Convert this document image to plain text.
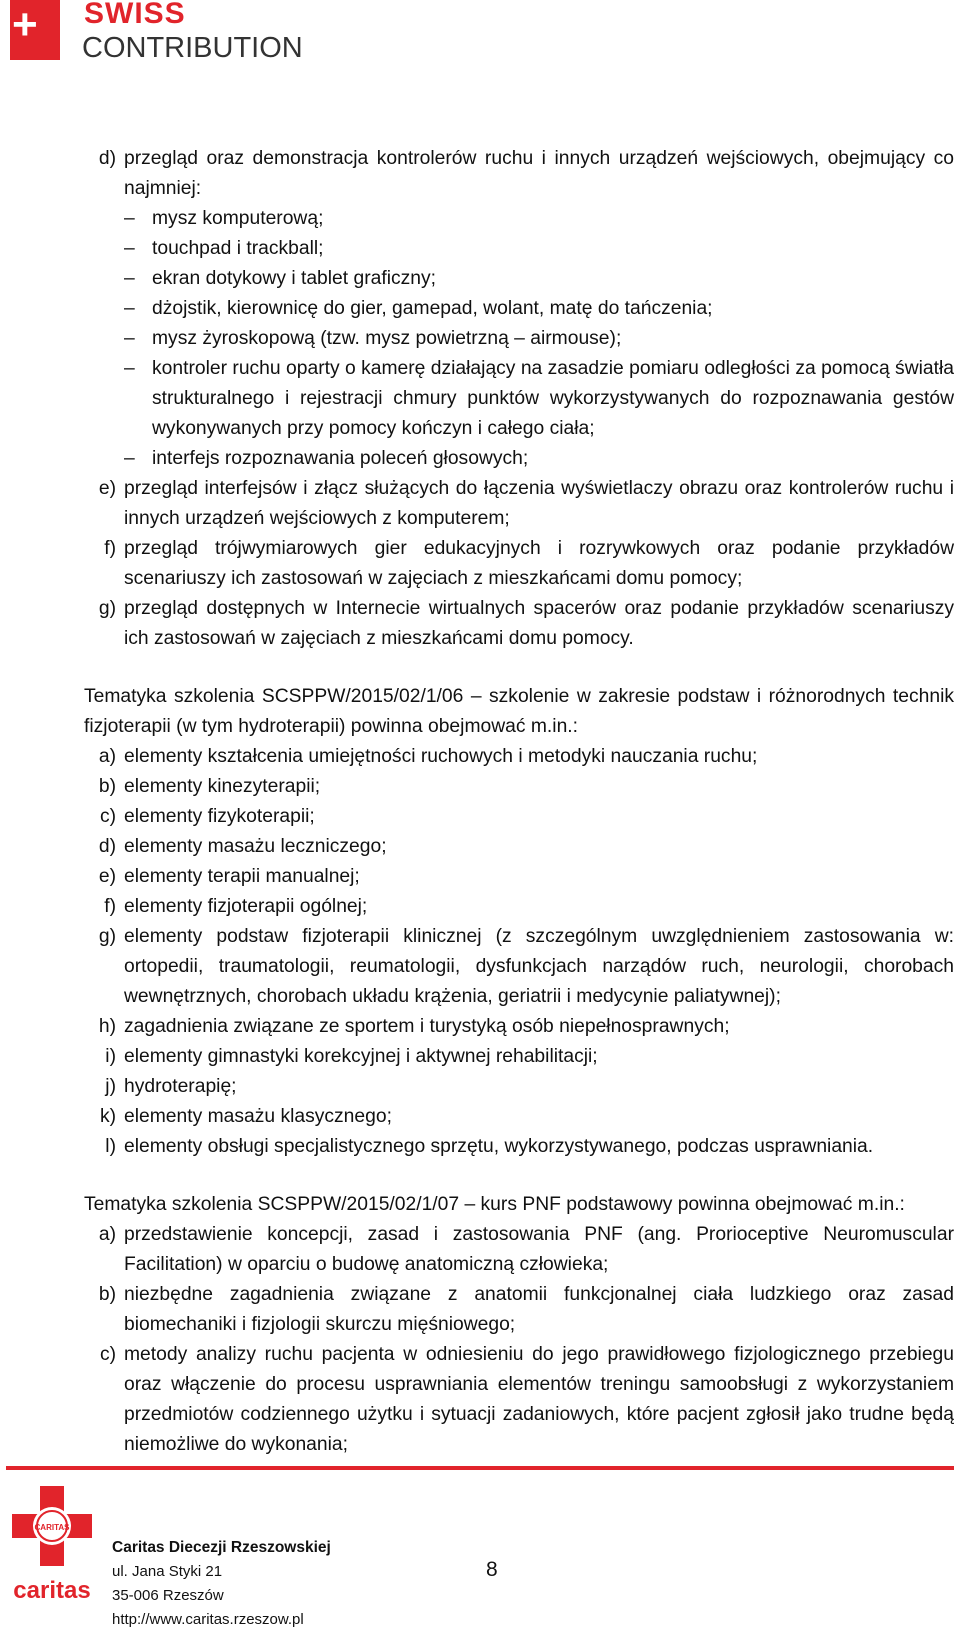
+ SWISS
CONTRIBUTION
d) przegląd oraz demonstracja kontrolerów ruchu i innych urządzeń wejściowych, obejmujący co najmniej:
– mysz komputerową;
– touchpad i trackball;
– ekran dotykowy i tablet graficzny;
– dżojstik, kierownicę do gier, gamepad, wolant, matę do tańczenia;
– mysz żyroskopową (tzw. mysz powietrzną – airmouse);
– kontroler ruchu oparty o kamerę działający na zasadzie pomiaru odległości za pomocą światła strukturalnego i rejestracji chmury punktów wykorzystywanych do rozpoznawania gestów wykonywanych przy pomocy kończyn i całego ciała;
– interfejs rozpoznawania poleceń głosowych;
e) przegląd interfejsów i złącz służących do łączenia wyświetlaczy obrazu oraz kontrolerów ruchu i innych urządzeń wejściowych z komputerem;
f) przegląd trójwymiarowych gier edukacyjnych i rozrywkowych oraz podanie przykładów scenariuszy ich zastosowań w zajęciach z mieszkańcami domu pomocy;
g) przegląd dostępnych w Internecie wirtualnych spacerów oraz podanie przykładów scenariuszy ich zastosowań w zajęciach z mieszkańcami domu pomocy.
Tematyka szkolenia SCSPPW/2015/02/1/06 – szkolenie w zakresie podstaw i różnorodnych technik fizjoterapii (w tym hydroterapii) powinna obejmować m.in.:
a) elementy kształcenia umiejętności ruchowych i metodyki nauczania ruchu;
b) elementy kinezyterapii;
c) elementy fizykoterapii;
d) elementy masażu leczniczego;
e) elementy terapii manualnej;
f) elementy fizjoterapii ogólnej;
g) elementy podstaw fizjoterapii klinicznej (z szczególnym uwzględnieniem zastosowania w: ortopedii, traumatologii, reumatologii, dysfunkcjach narządów ruch, neurologii, chorobach wewnętrznych, chorobach układu krążenia, geriatrii i medycynie paliatywnej);
h) zagadnienia związane ze sportem i turystyką osób niepełnosprawnych;
i) elementy gimnastyki korekcyjnej i aktywnej rehabilitacji;
j) hydroterapię;
k) elementy masażu klasycznego;
l) elementy obsługi specjalistycznego sprzętu, wykorzystywanego, podczas usprawniania.
Tematyka szkolenia SCSPPW/2015/02/1/07 – kurs PNF podstawowy powinna obejmować m.in.:
a) przedstawienie koncepcji, zasad i zastosowania PNF (ang. Prorioceptive Neuromuscular Facilitation) w oparciu o budowę anatomiczną człowieka;
b) niezbędne zagadnienia związane z anatomii funkcjonalnej ciała ludzkiego oraz zasad biomechaniki i fizjologii skurczu mięśniowego;
c) metody analizy ruchu pacjenta w odniesieniu do jego prawidłowego fizjologicznego przebiegu oraz włączenie do procesu usprawniania elementów treningu samoobsługi z wykorzystaniem przedmiotów codziennego użytku i sytuacji zadaniowych, które pacjent zgłosił jako trudne będą niemożliwe do wykonania;
CARITAS
caritas
Caritas Diecezji Rzeszowskiej
ul. Jana Styki 21
35-006 Rzeszów
http://www.caritas.rzeszow.pl
8
